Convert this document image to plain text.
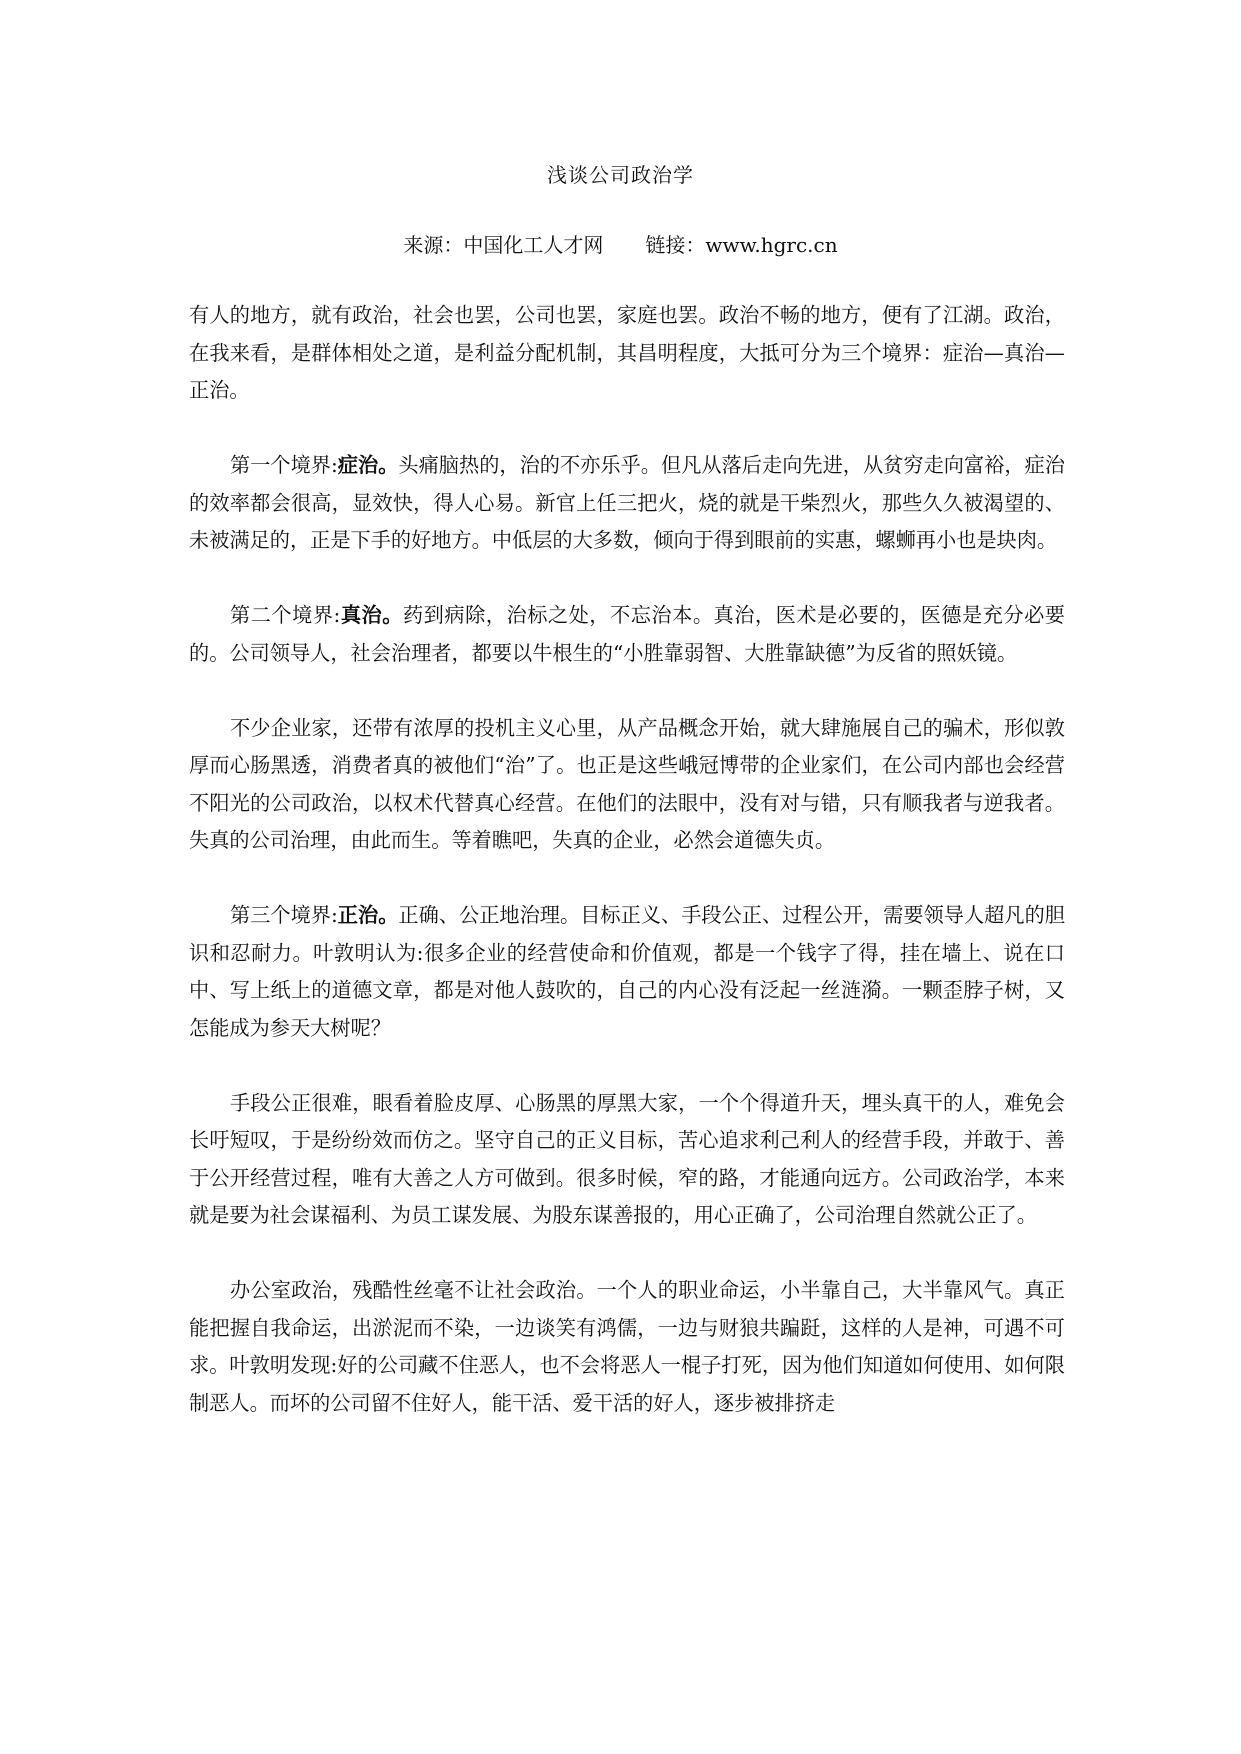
浅谈公司政治学
来源：中国化工人才网 链接：www.hgrc.cn

有人的地方，就有政治，社会也罢，公司也罢，家庭也罢。政治不畅的地方，便有了江湖。政治，在我来看，是群体相处之道，是利益分配机制，其昌明程度，大抵可分为三个境界：症治—真治—正治。

第一个境界:症治。头痛脑热的，治的不亦乐乎。但凡从落后走向先进，从贫穷走向富裕，症治的效率都会很高，显效快，得人心易。新官上任三把火，烧的就是干柴烈火，那些久久被渴望的、未被满足的，正是下手的好地方。中低层的大多数，倾向于得到眼前的实惠，螺蛳再小也是块肉。

第二个境界:真治。药到病除，治标之处，不忘治本。真治，医术是必要的，医德是充分必要的。公司领导人，社会治理者，都要以牛根生的“小胜靠弱智、大胜靠缺德”为反省的照妖镜。

不少企业家，还带有浓厚的投机主义心里，从产品概念开始，就大肆施展自己的骗术，形似敦厚而心肠黑透，消费者真的被他们“治”了。也正是这些峨冠博带的企业家们，在公司内部也会经营不阳光的公司政治，以权术代替真心经营。在他们的法眼中，没有对与错，只有顺我者与逆我者。失真的公司治理，由此而生。等着瞧吧，失真的企业，必然会道德失贞。

第三个境界:正治。正确、公正地治理。目标正义、手段公正、过程公开，需要领导人超凡的胆识和忍耐力。叶敦明认为:很多企业的经营使命和价值观，都是一个钱字了得，挂在墙上、说在口中、写上纸上的道德文章，都是对他人鼓吹的，自己的内心没有泛起一丝涟漪。一颗歪脖子树，又怎能成为参天大树呢？

手段公正很难，眼看着脸皮厚、心肠黑的厚黑大家，一个个得道升天，埋头真干的人，难免会长吁短叹，于是纷纷效而仿之。坚守自己的正义目标，苦心追求利己利人的经营手段，并敢于、善于公开经营过程，唯有大善之人方可做到。很多时候，窄的路，才能通向远方。公司政治学，本来就是要为社会谋福利、为员工谋发展、为股东谋善报的，用心正确了，公司治理自然就公正了。

办公室政治，残酷性丝毫不让社会政治。一个人的职业命运，小半靠自己，大半靠风气。真正能把握自我命运，出淤泥而不染，一边谈笑有鸿儒，一边与财狼共蹁跹，这样的人是神，可遇不可求。叶敦明发现:好的公司藏不住恶人，也不会将恶人一棍子打死，因为他们知道如何使用、如何限制恶人。而坏的公司留不住好人，能干活、爱干活的好人，逐步被排挤走
